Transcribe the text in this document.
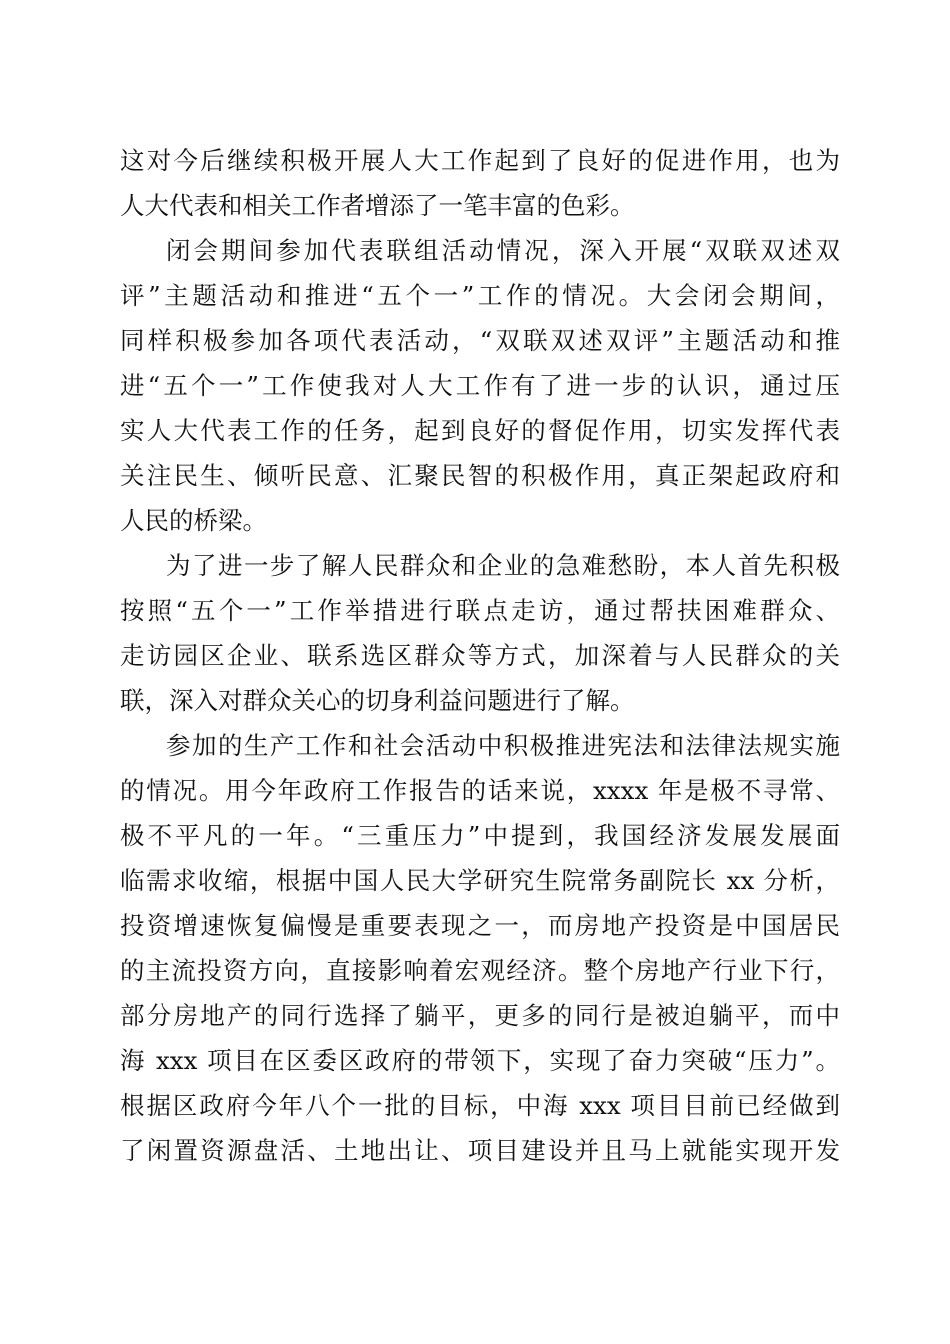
这对今后继续积极开展人大工作起到了良好的促进作用，也为
人大代表和相关工作者增添了一笔丰富的色彩。
闭会期间参加代表联组活动情况，深入开展“双联双述双
评”主题活动和推进“五个一”工作的情况。大会闭会期间，
同样积极参加各项代表活动，“双联双述双评”主题活动和推
进“五个一”工作使我对人大工作有了进一步的认识，通过压
实人大代表工作的任务，起到良好的督促作用，切实发挥代表
关注民生、倾听民意、汇聚民智的积极作用，真正架起政府和
人民的桥梁。
为了进一步了解人民群众和企业的急难愁盼，本人首先积极
按照“五个一”工作举措进行联点走访，通过帮扶困难群众、
走访园区企业、联系选区群众等方式，加深着与人民群众的关
联，深入对群众关心的切身利益问题进行了解。
参加的生产工作和社会活动中积极推进宪法和法律法规实施
的情况。用今年政府工作报告的话来说，xxxx 年是极不寻常、
极不平凡的一年。“三重压力”中提到，我国经济发展发展面
临需求收缩，根据中国人民大学研究生院常务副院长 xx 分析，
投资增速恢复偏慢是重要表现之一，而房地产投资是中国居民
的主流投资方向，直接影响着宏观经济。整个房地产行业下行，
部分房地产的同行选择了躺平，更多的同行是被迫躺平，而中
海 xxx 项目在区委区政府的带领下，实现了奋力突破“压力”。
根据区政府今年八个一批的目标，中海 xxx 项目目前已经做到
了闲置资源盘活、土地出让、项目建设并且马上就能实现开发
